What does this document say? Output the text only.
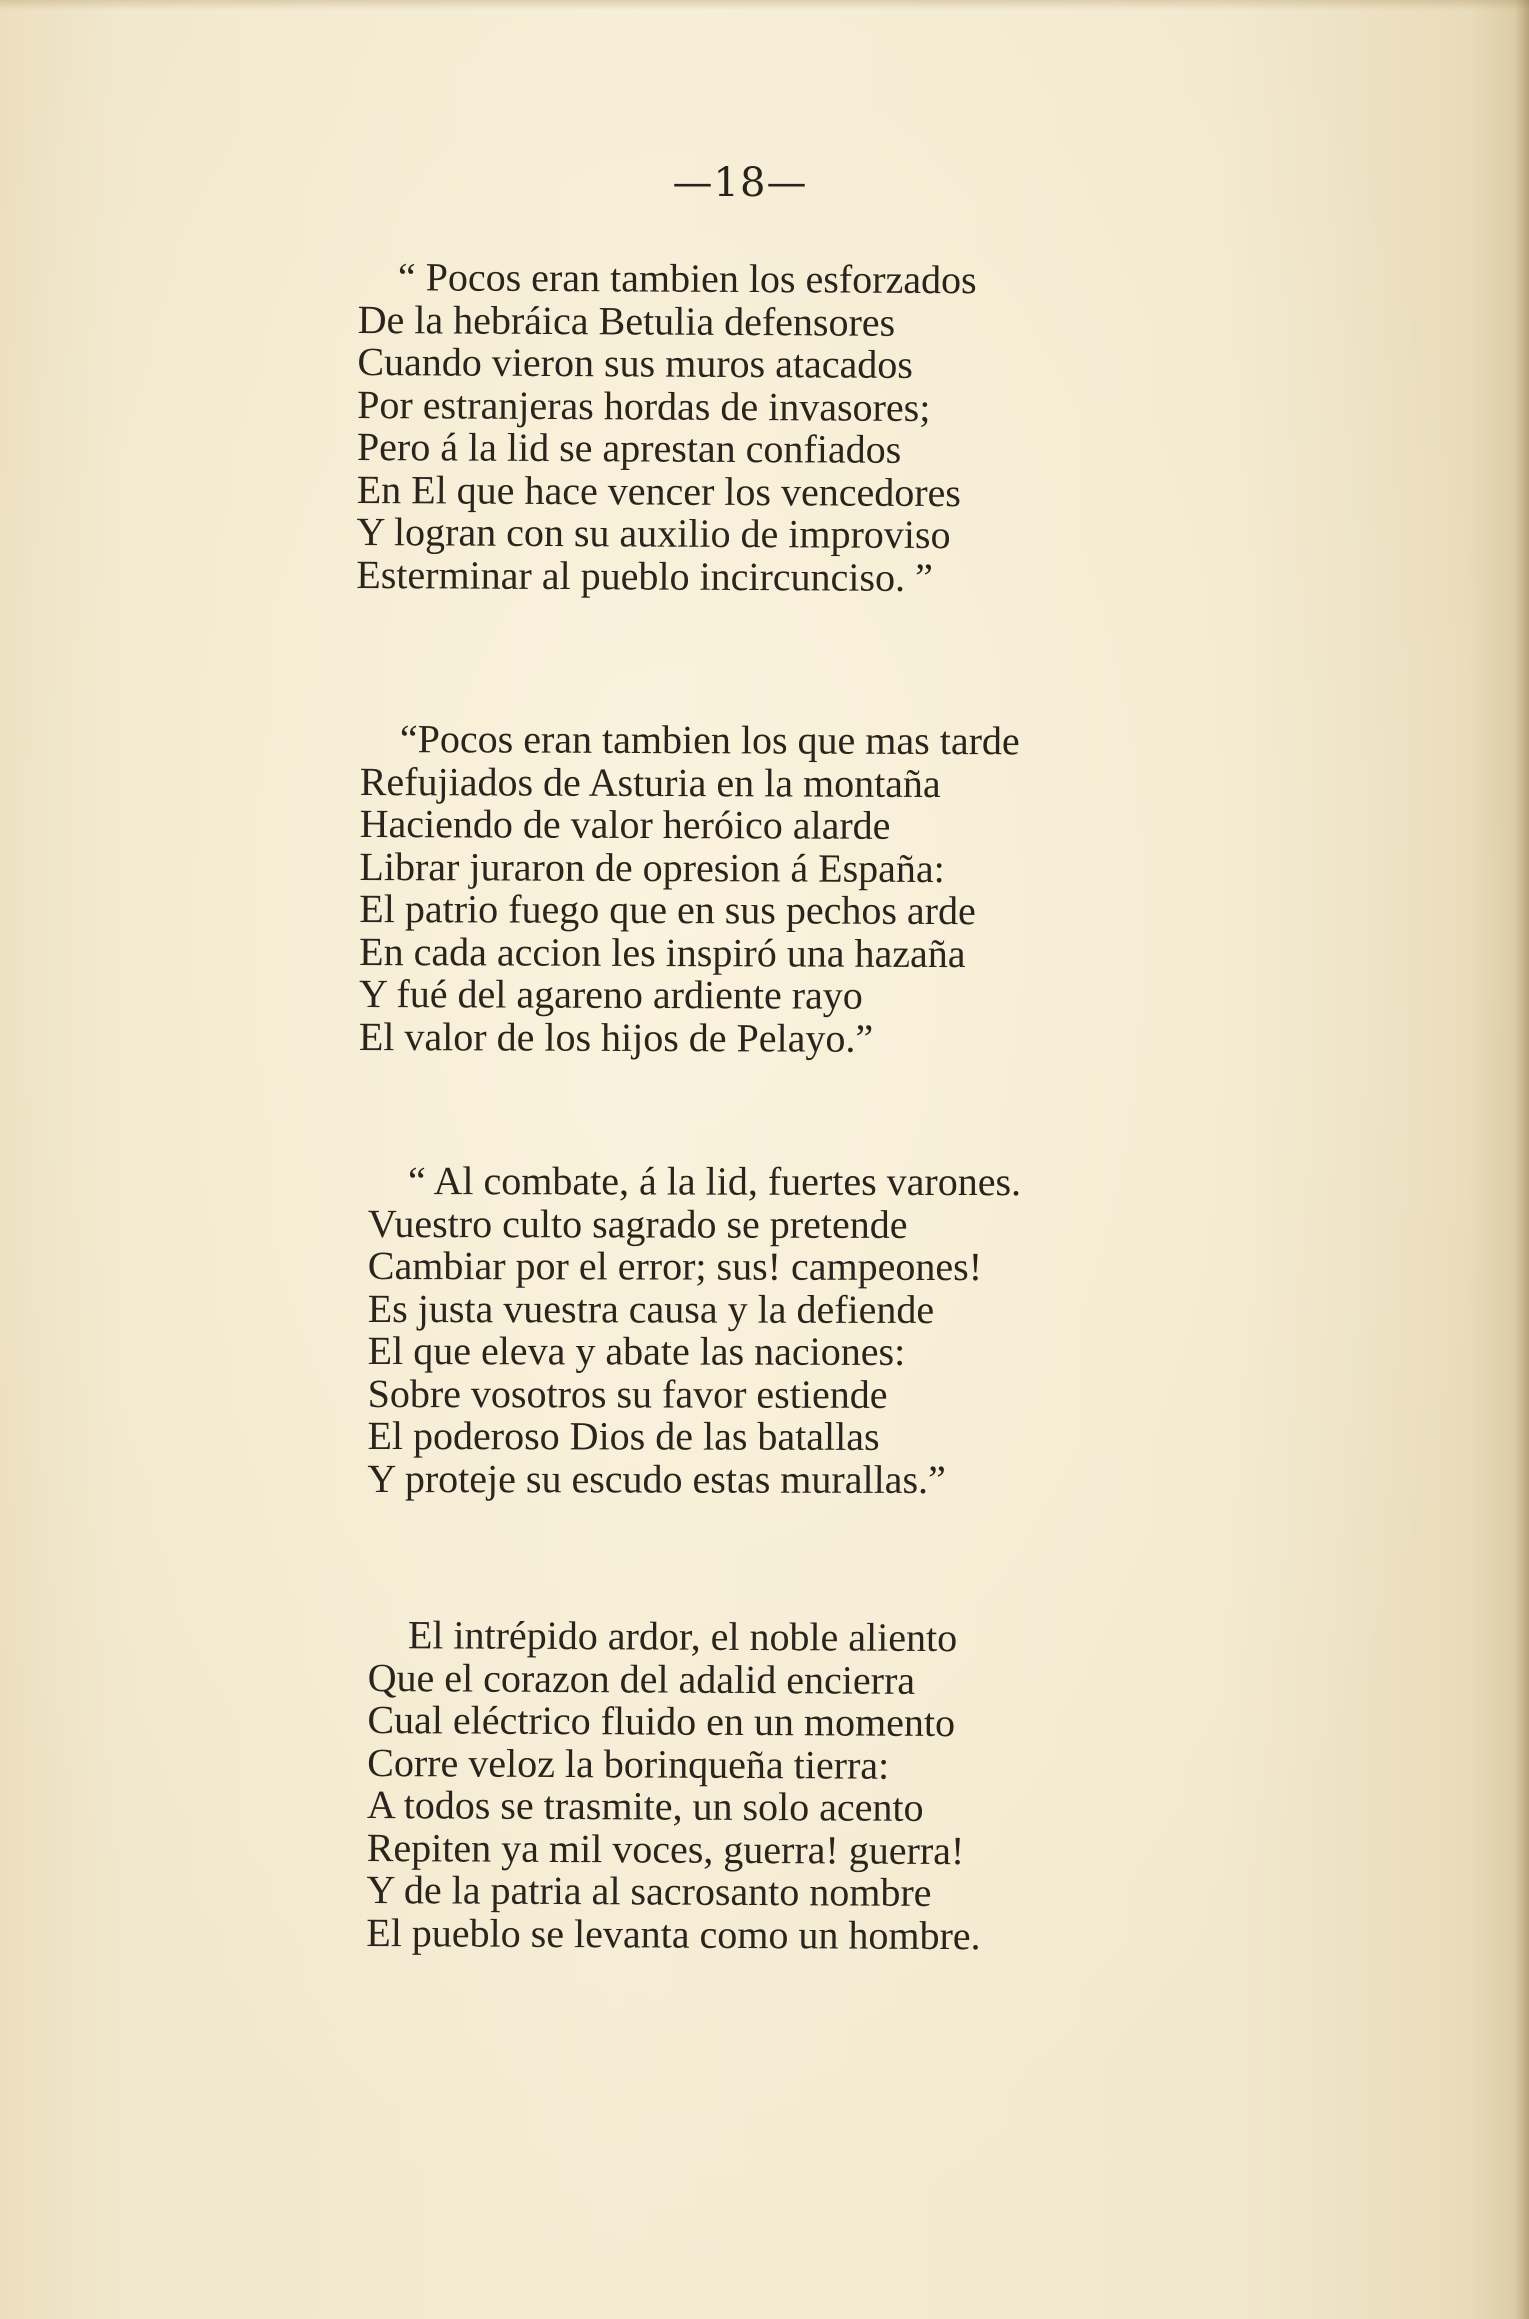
—18—
“ Pocos eran tambien los esforzados
De la hebráica Betulia defensores
Cuando vieron sus muros atacados
Por estranjeras hordas de invasores;
Pero á la lid se aprestan confiados
En El que hace vencer los vencedores
Y logran con su auxilio de improviso
Esterminar al pueblo incircunciso. ”
“Pocos eran tambien los que mas tarde
Refujiados de Asturia en la montaña
Haciendo de valor heróico alarde
Librar juraron de opresion á España:
El patrio fuego que en sus pechos arde
En cada accion les inspiró una hazaña
Y fué del agareno ardiente rayo
El valor de los hijos de Pelayo.”
“ Al combate, á la lid, fuertes varones.
Vuestro culto sagrado se pretende
Cambiar por el error; sus! campeones!
Es justa vuestra causa y la defiende
El que eleva y abate las naciones:
Sobre vosotros su favor estiende
El poderoso Dios de las batallas
Y proteje su escudo estas murallas.”
El intrépido ardor, el noble aliento
Que el corazon del adalid encierra
Cual eléctrico fluido en un momento
Corre veloz la borinqueña tierra:
A todos se trasmite, un solo acento
Repiten ya mil voces, guerra! guerra!
Y de la patria al sacrosanto nombre
El pueblo se levanta como un hombre.
